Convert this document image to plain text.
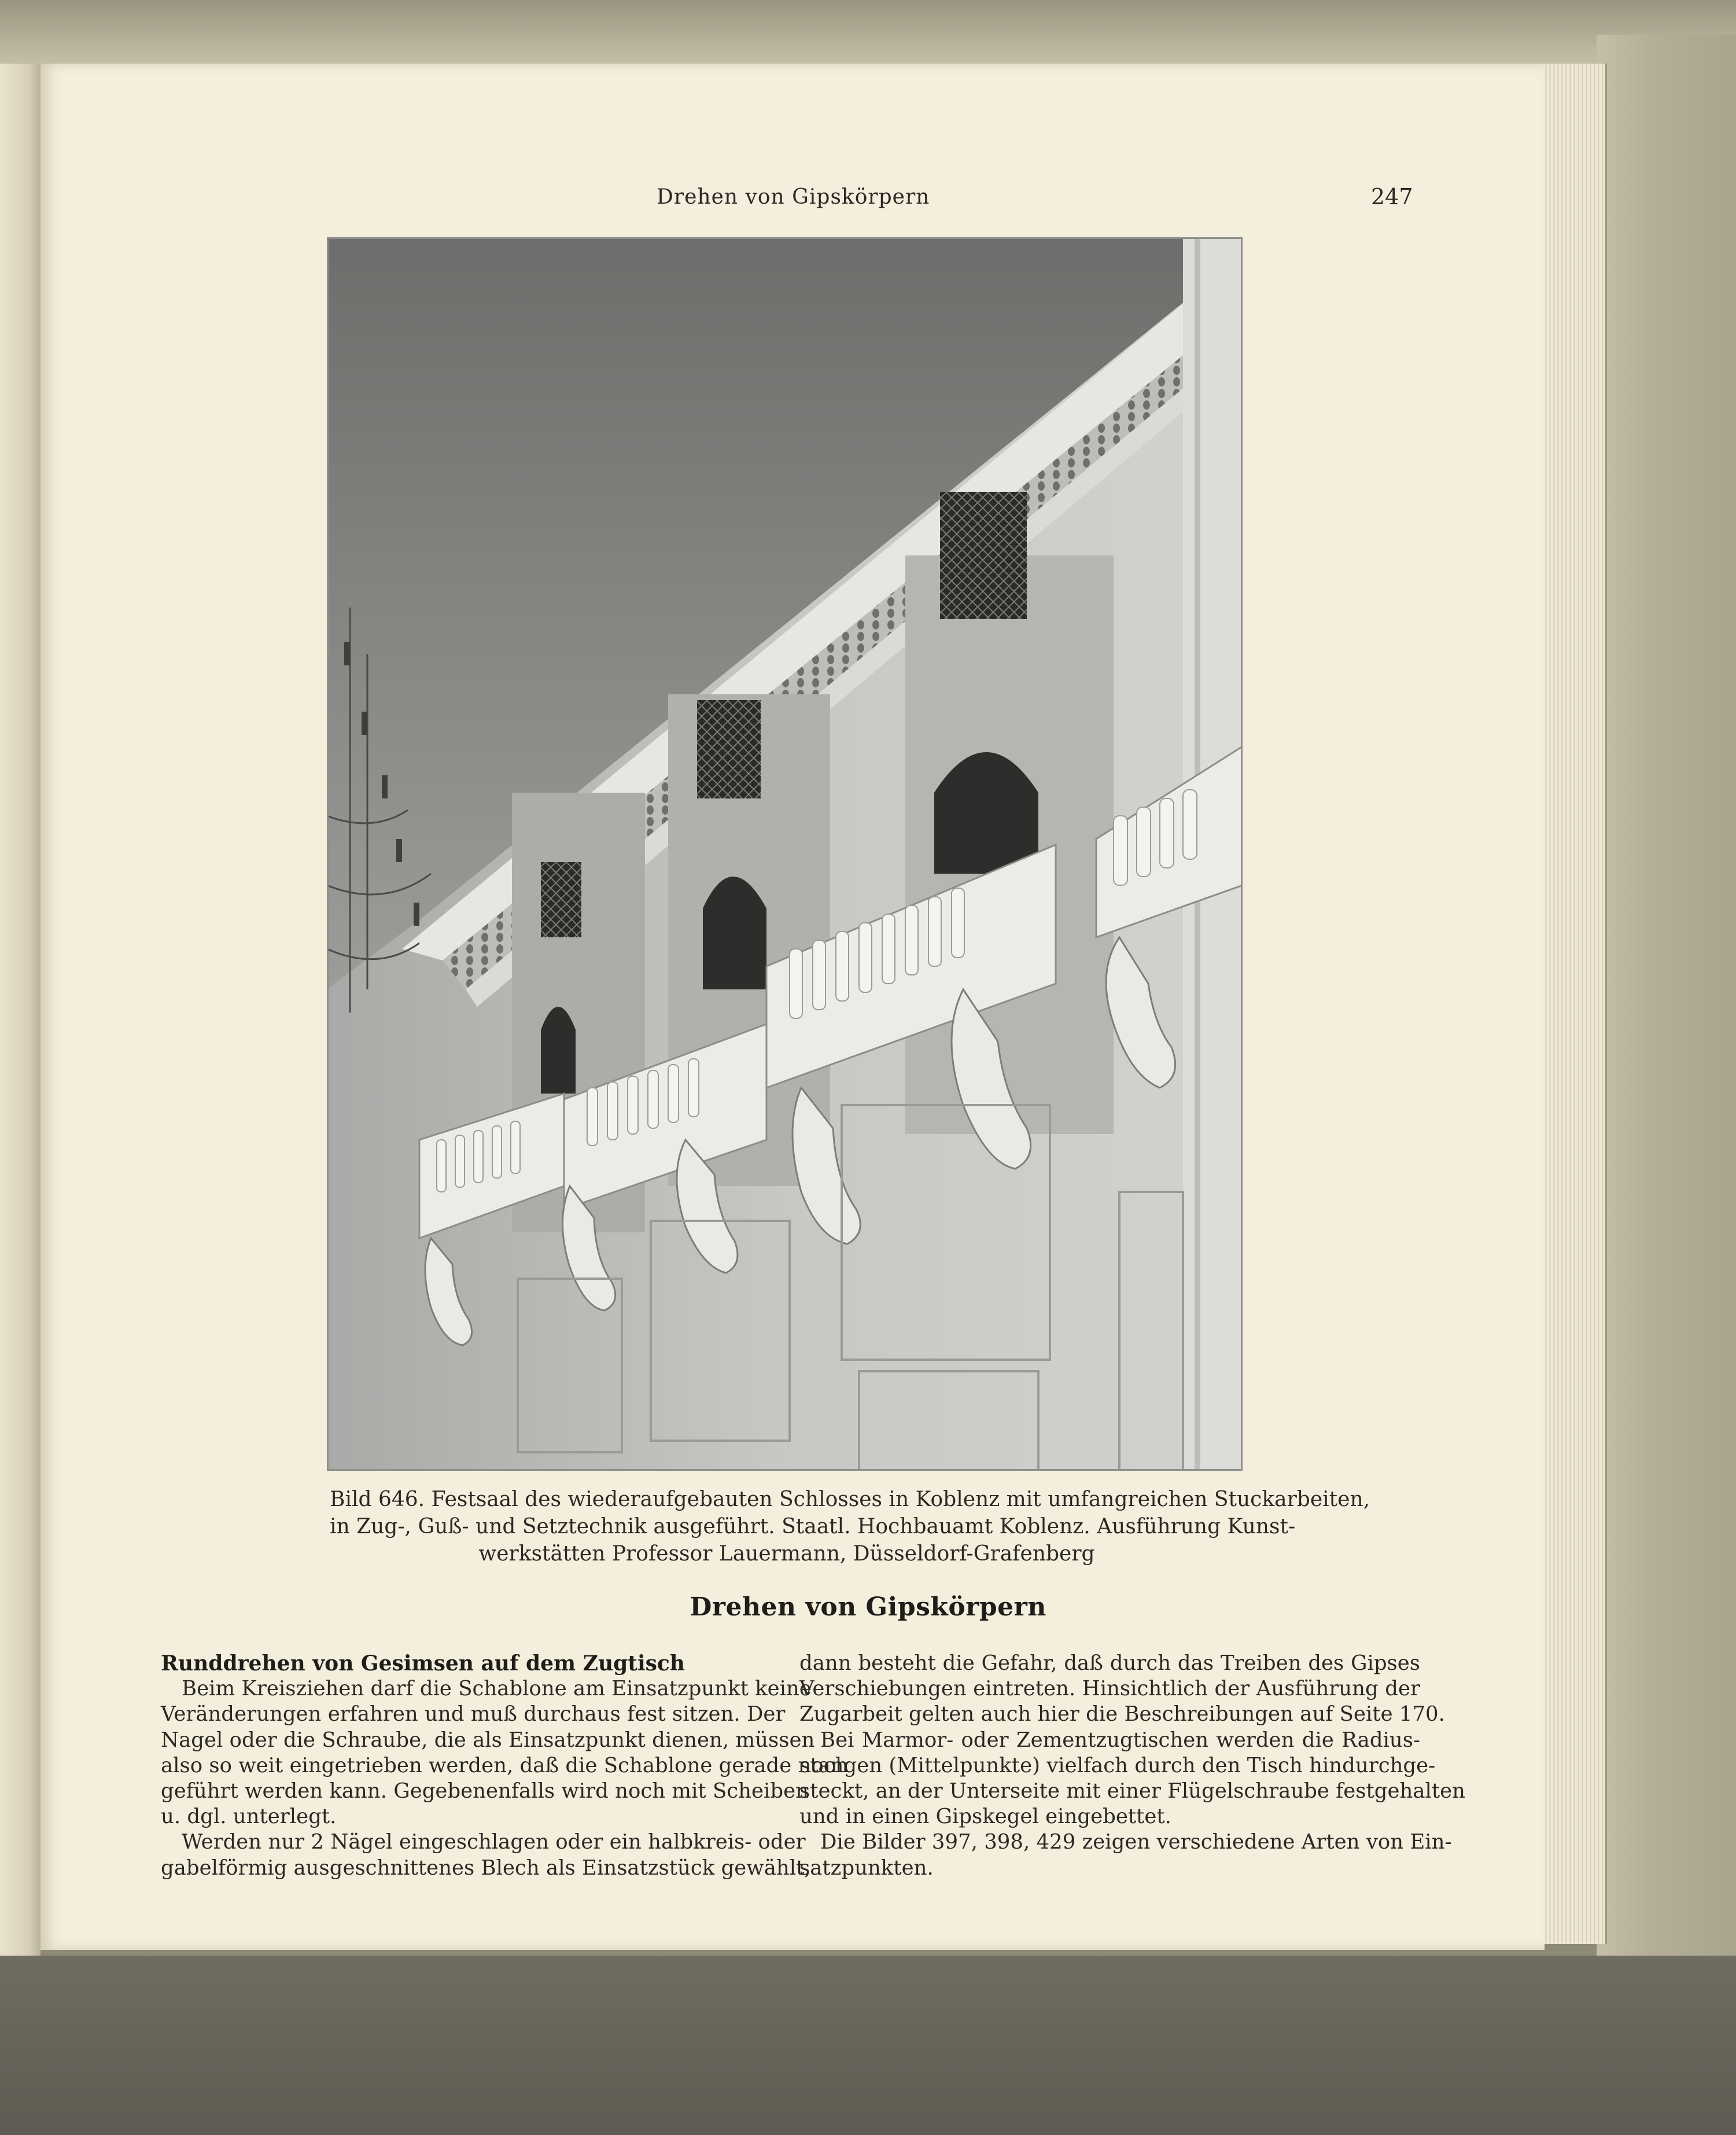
Drehen von Gipskörpern	247
Bild 646. Festsaal des wiederaufgebauten Schlosses in Koblenz mit umfangreichen Stuckarbeiten,
in Zug-, Guß- und Setztechnik ausgeführt. Staatl. Hochbauamt Koblenz. Ausführung Kunst-
werkstätten Professor Lauermann, Düsseldorf-Grafenberg
Drehen von Gipskörpern
Runddrehen von Gesimsen auf dem Zugtisch
Beim Kreisziehen darf die Schablone am Einsatzpunkt keine
Veränderungen erfahren und muß durchaus fest sitzen. Der
Nagel oder die Schraube, die als Einsatzpunkt dienen, müssen
also so weit eingetrieben werden, daß die Schablone gerade noch
geführt werden kann. Gegebenenfalls wird noch mit Scheiben
u. dgl. unterlegt.
Werden nur 2 Nägel eingeschlagen oder ein halbkreis- oder
gabelförmig ausgeschnittenes Blech als Einsatzstück gewählt,
dann besteht die Gefahr, daß durch das Treiben des Gipses
Verschiebungen eintreten. Hinsichtlich der Ausführung der
Zugarbeit gelten auch hier die Beschreibungen auf Seite 170.
Bei Marmor- oder Zementzugtischen werden die Radius-
stangen (Mittelpunkte) vielfach durch den Tisch hindurchge-
steckt, an der Unterseite mit einer Flügelschraube festgehalten
und in einen Gipskegel eingebettet.
Die Bilder 397, 398, 429 zeigen verschiedene Arten von Ein-
satzpunkten.
